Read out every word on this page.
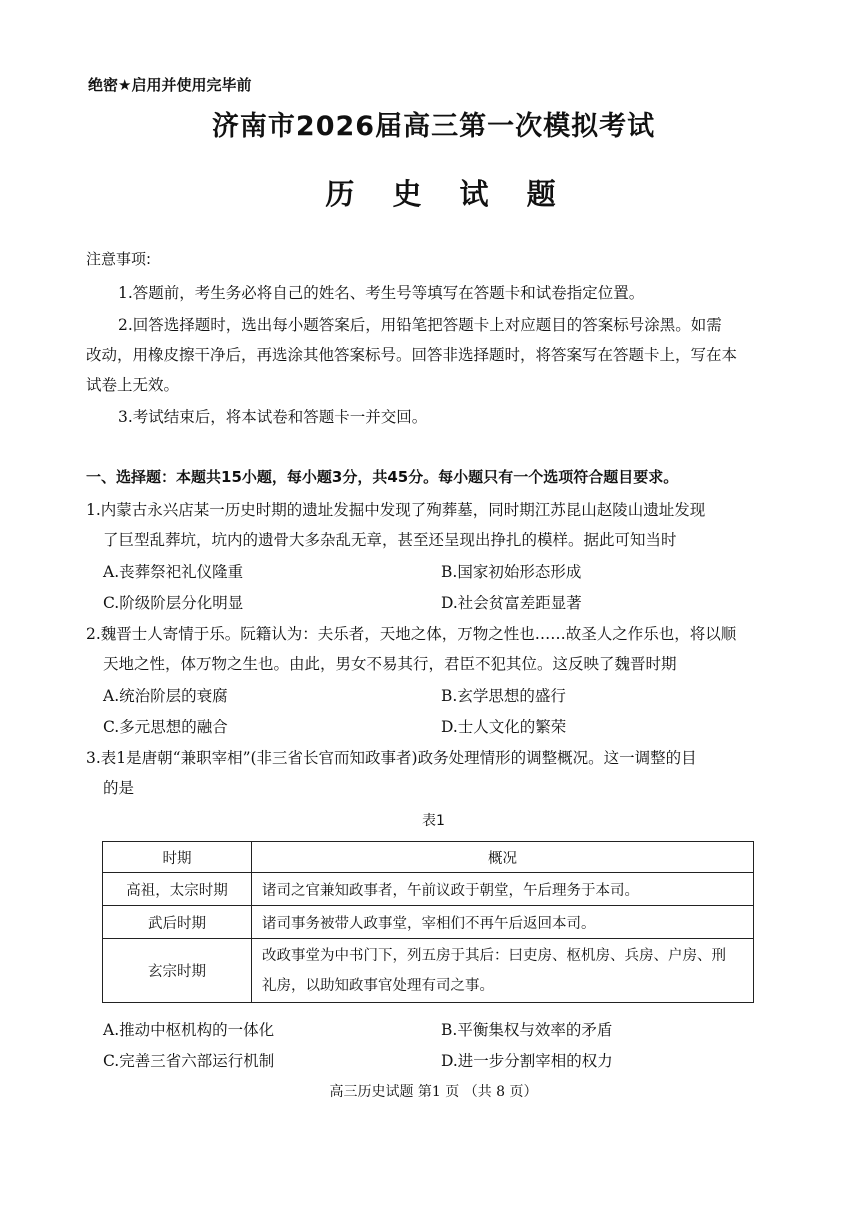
绝密★启用并使用完毕前
济南市2026届高三第一次模拟考试
历 史 试 题
注意事项:
1.答题前，考生务必将自己的姓名、考生号等填写在答题卡和试卷指定位置。
2.回答选择题时，选出每小题答案后，用铅笔把答题卡上对应题目的答案标号涂黑。如需
改动，用橡皮擦干净后，再选涂其他答案标号。回答非选择题时，将答案写在答题卡上，写在本
试卷上无效。
3.考试结束后，将本试卷和答题卡一并交回。
一、选择题：本题共15小题，每小题3分，共45分。每小题只有一个选项符合题目要求。
1.内蒙古永兴店某一历史时期的遗址发掘中发现了殉葬墓，同时期江苏昆山赵陵山遗址发现
了巨型乱葬坑，坑内的遗骨大多杂乱无章，甚至还呈现出挣扎的模样。据此可知当时
A.丧葬祭祀礼仪隆重	B.国家初始形态形成
C.阶级阶层分化明显	D.社会贫富差距显著
2.魏晋士人寄情于乐。阮籍认为：夫乐者，天地之体，万物之性也……故圣人之作乐也，将以顺
天地之性，体万物之生也。由此，男女不易其行，君臣不犯其位。这反映了魏晋时期
A.统治阶层的衰腐	B.玄学思想的盛行
C.多元思想的融合	D.士人文化的繁荣
3.表1是唐朝“兼职宰相”(非三省长官而知政事者)政务处理情形的调整概况。这一调整的目
的是
表1
时期	概况
高祖，太宗时期	诸司之官兼知政事者，午前议政于朝堂，午后理务于本司。
武后时期	诸司事务被带人政事堂，宰相们不再午后返回本司。
玄宗时期	改政事堂为中书门下，列五房于其后：曰吏房、枢机房、兵房、户房、刑
礼房，以助知政事官处理有司之事。
A.推动中枢机构的一体化	B.平衡集权与效率的矛盾
C.完善三省六部运行机制	D.进一步分割宰相的权力
高三历史试题 第1 页 （共 8 页）
